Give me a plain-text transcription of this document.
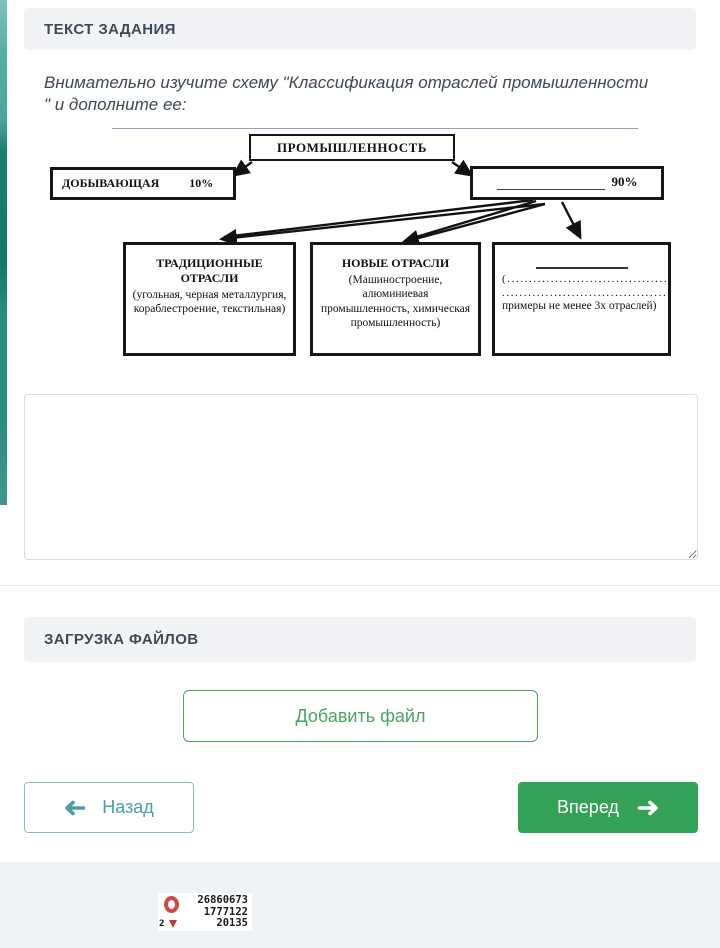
ТЕКСТ ЗАДАНИЯ
Внимательно изучите схему "Классификация отраслей промышленности
" и дополните ее:
ПРОМЫШЛЕННОСТЬ
ДОБЫВАЮЩАЯ	10%	90%
ТРАДИЦИОННЫЕ ОТРАСЛИ
(угольная, черная металлургия, кораблестроение, текстильная)
НОВЫЕ ОТРАСЛИ
(Машиностроение, алюминиевая промышленность, химическая промышленность)
(.....................................
......................................
примеры не менее 3х отраслей)
ЗАГРУЗКА ФАЙЛОВ
Добавить файл
Назад	Вперед
2
26860673
1777122
20135
